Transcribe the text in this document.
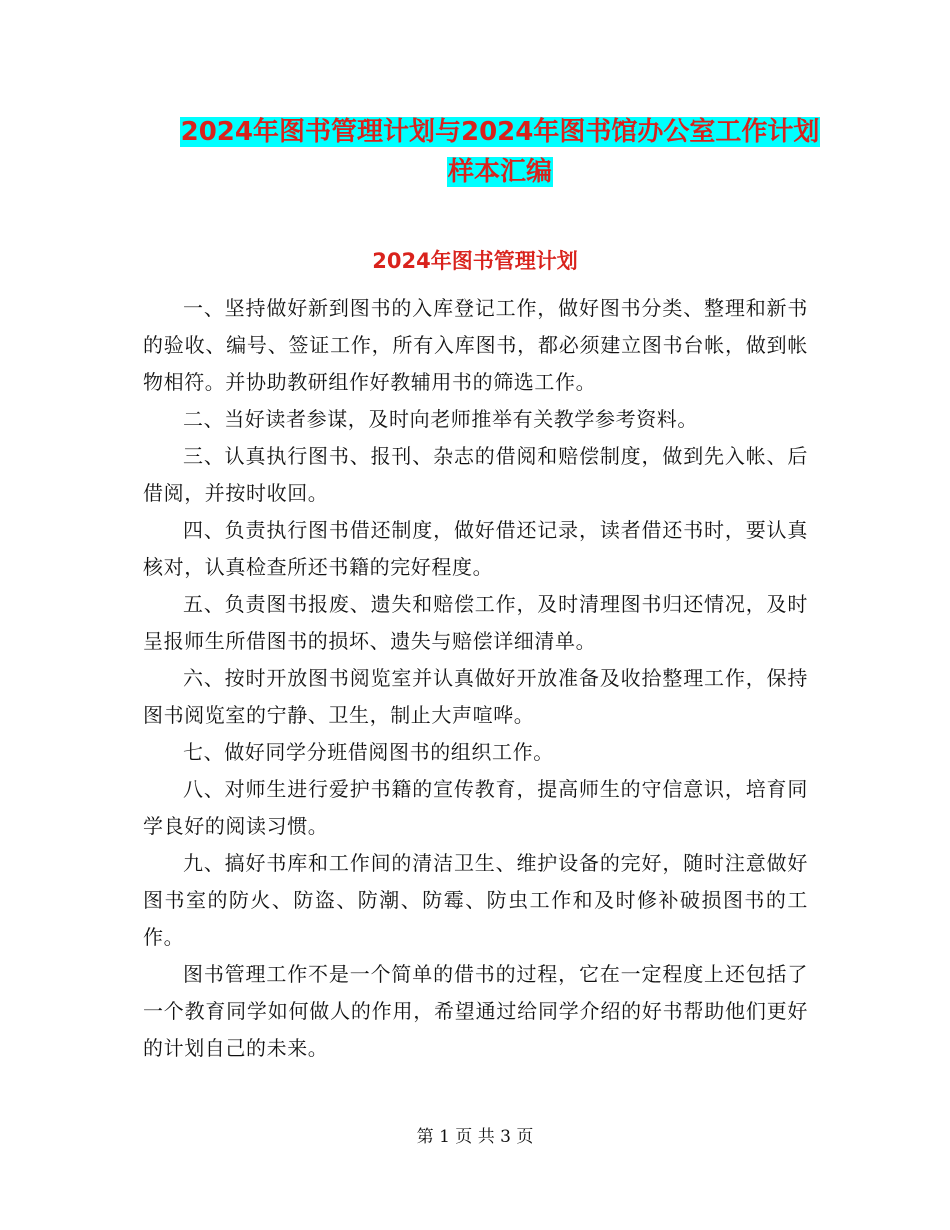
2024年图书管理计划与2024年图书馆办公室工作计划
样本汇编
2024年图书管理计划

一、坚持做好新到图书的入库登记工作，做好图书分类、整理和新书的验收、编号、签证工作，所有入库图书，都必须建立图书台帐，做到帐物相符。并协助教研组作好教辅用书的筛选工作。

二、当好读者参谋，及时向老师推举有关教学参考资料。

三、认真执行图书、报刊、杂志的借阅和赔偿制度，做到先入帐、后借阅，并按时收回。

四、负责执行图书借还制度，做好借还记录，读者借还书时，要认真核对，认真检查所还书籍的完好程度。

五、负责图书报废、遗失和赔偿工作，及时清理图书归还情况，及时呈报师生所借图书的损坏、遗失与赔偿详细清单。

六、按时开放图书阅览室并认真做好开放准备及收拾整理工作，保持图书阅览室的宁静、卫生，制止大声喧哗。

七、做好同学分班借阅图书的组织工作。

八、对师生进行爱护书籍的宣传教育，提高师生的守信意识，培育同学良好的阅读习惯。

九、搞好书库和工作间的清洁卫生、维护设备的完好，随时注意做好图书室的防火、防盗、防潮、防霉、防虫工作和及时修补破损图书的工作。

图书管理工作不是一个简单的借书的过程，它在一定程度上还包括了一个教育同学如何做人的作用，希望通过给同学介绍的好书帮助他们更好的计划自己的未来。

第 1 页 共 3 页
